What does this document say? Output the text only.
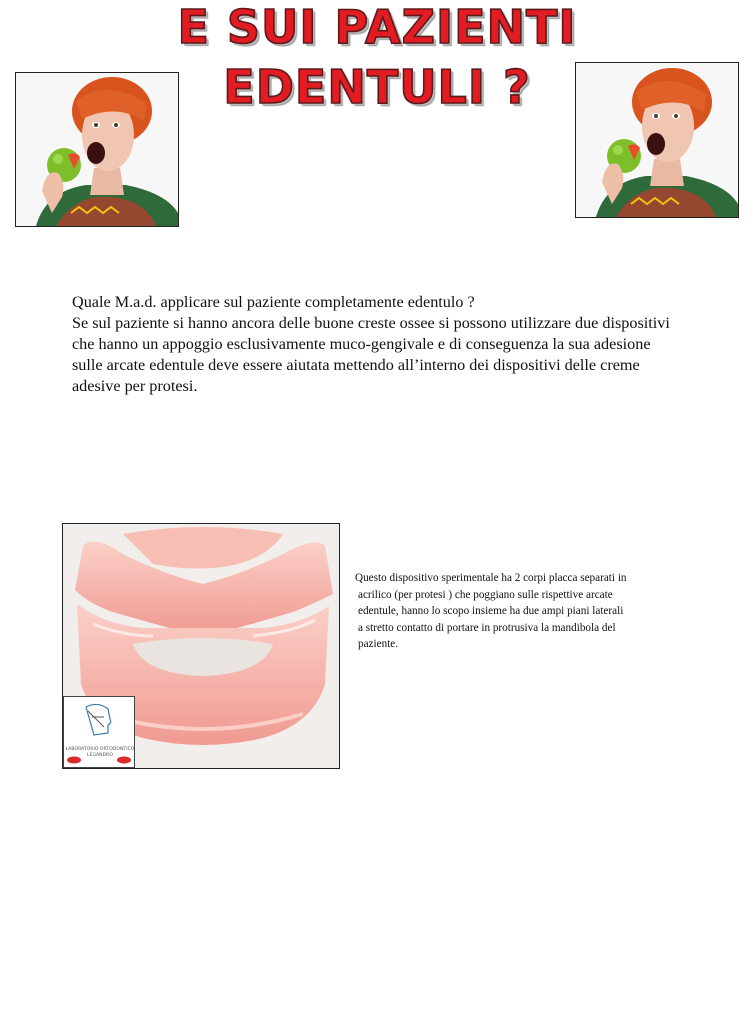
E SUI PAZIENTI
EDENTULI ?

Quale M.a.d. applicare sul paziente completamente edentulo ?

Se sul paziente si hanno ancora delle buone creste ossee si possono utilizzare due dispositivi

che hanno un appoggio esclusivamente muco-gengivale e di conseguenza la sua adesione

sulle arcate edentule deve essere aiutata mettendo all’interno dei dispositivi delle creme

adesive per protesi.

LABORATORIO ORTODONTICO
LEGANDRO

Questo dispositivo sperimentale ha 2 corpi placca separati in

acrilico (per protesi ) che poggiano sulle rispettive arcate

edentule, hanno lo scopo insieme ha due ampi piani laterali

a stretto contatto di portare in protrusiva la mandibola del

paziente.
